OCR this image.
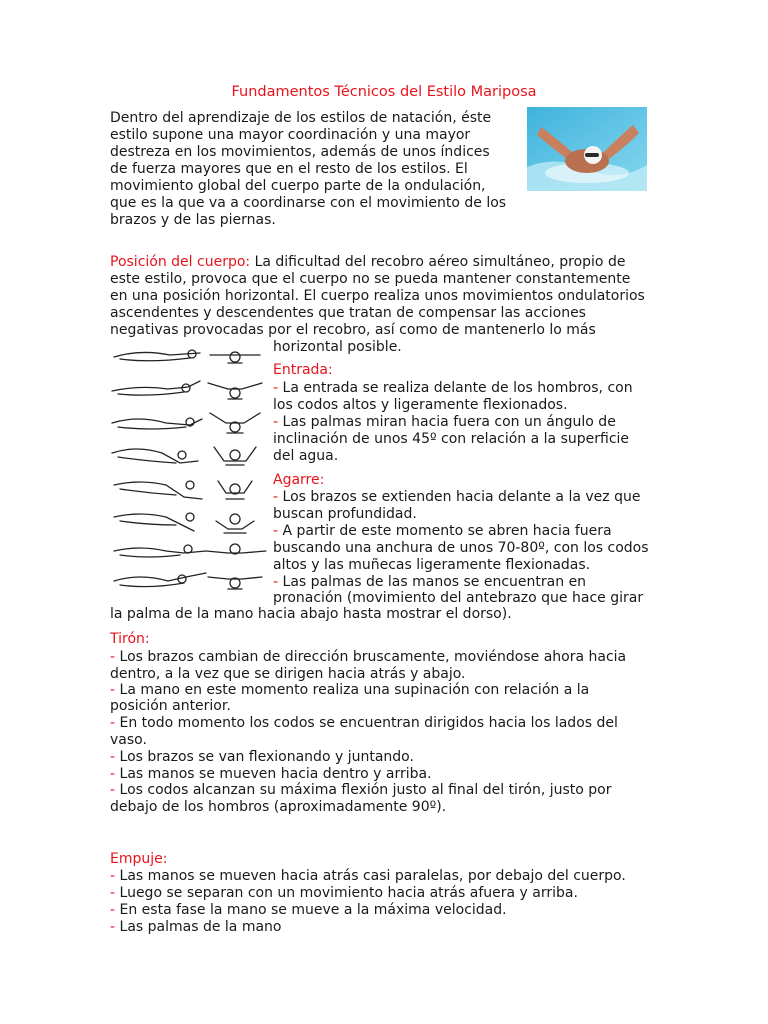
Fundamentos Técnicos del Estilo Mariposa
Dentro del aprendizaje de los estilos de natación, éste
estilo supone una mayor coordinación y una mayor
destreza en los movimientos, además de unos índices
de fuerza mayores que en el resto de los estilos. El
movimiento global del cuerpo parte de la ondulación,
que es la que va a coordinarse con el movimiento de los
brazos y de las piernas.
Posición del cuerpo: La dificultad del recobro aéreo simultáneo, propio de
este estilo, provoca que el cuerpo no se pueda mantener constantemente
en una posición horizontal. El cuerpo realiza unos movimientos ondulatorios
ascendentes y descendentes que tratan de compensar las acciones
negativas provocadas por el recobro, así como de mantenerlo lo más
horizontal posible.
Entrada:
- La entrada se realiza delante de los hombros, con
los codos altos y ligeramente flexionados.
- Las palmas miran hacia fuera con un ángulo de
inclinación de unos 45º con relación a la superficie
del agua.
Agarre:
- Los brazos se extienden hacia delante a la vez que
buscan profundidad.
- A partir de este momento se abren hacia fuera
buscando una anchura de unos 70-80º, con los codos
altos y las muñecas ligeramente flexionadas.
- Las palmas de las manos se encuentran en
pronación (movimiento del antebrazo que hace girar
la palma de la mano hacia abajo hasta mostrar el dorso).
Tirón:
- Los brazos cambian de dirección bruscamente, moviéndose ahora hacia
dentro, a la vez que se dirigen hacia atrás y abajo.
- La mano en este momento realiza una supinación con relación a la
posición anterior.
- En todo momento los codos se encuentran dirigidos hacia los lados del
vaso.
- Los brazos se van flexionando y juntando.
- Las manos se mueven hacia dentro y arriba.
- Los codos alcanzan su máxima flexión justo al final del tirón, justo por
debajo de los hombros (aproximadamente 90º).
Empuje:
- Las manos se mueven hacia atrás casi paralelas, por debajo del cuerpo.
- Luego se separan con un movimiento hacia atrás afuera y arriba.
- En esta fase la mano se mueve a la máxima velocidad.
- Las palmas de la mano
